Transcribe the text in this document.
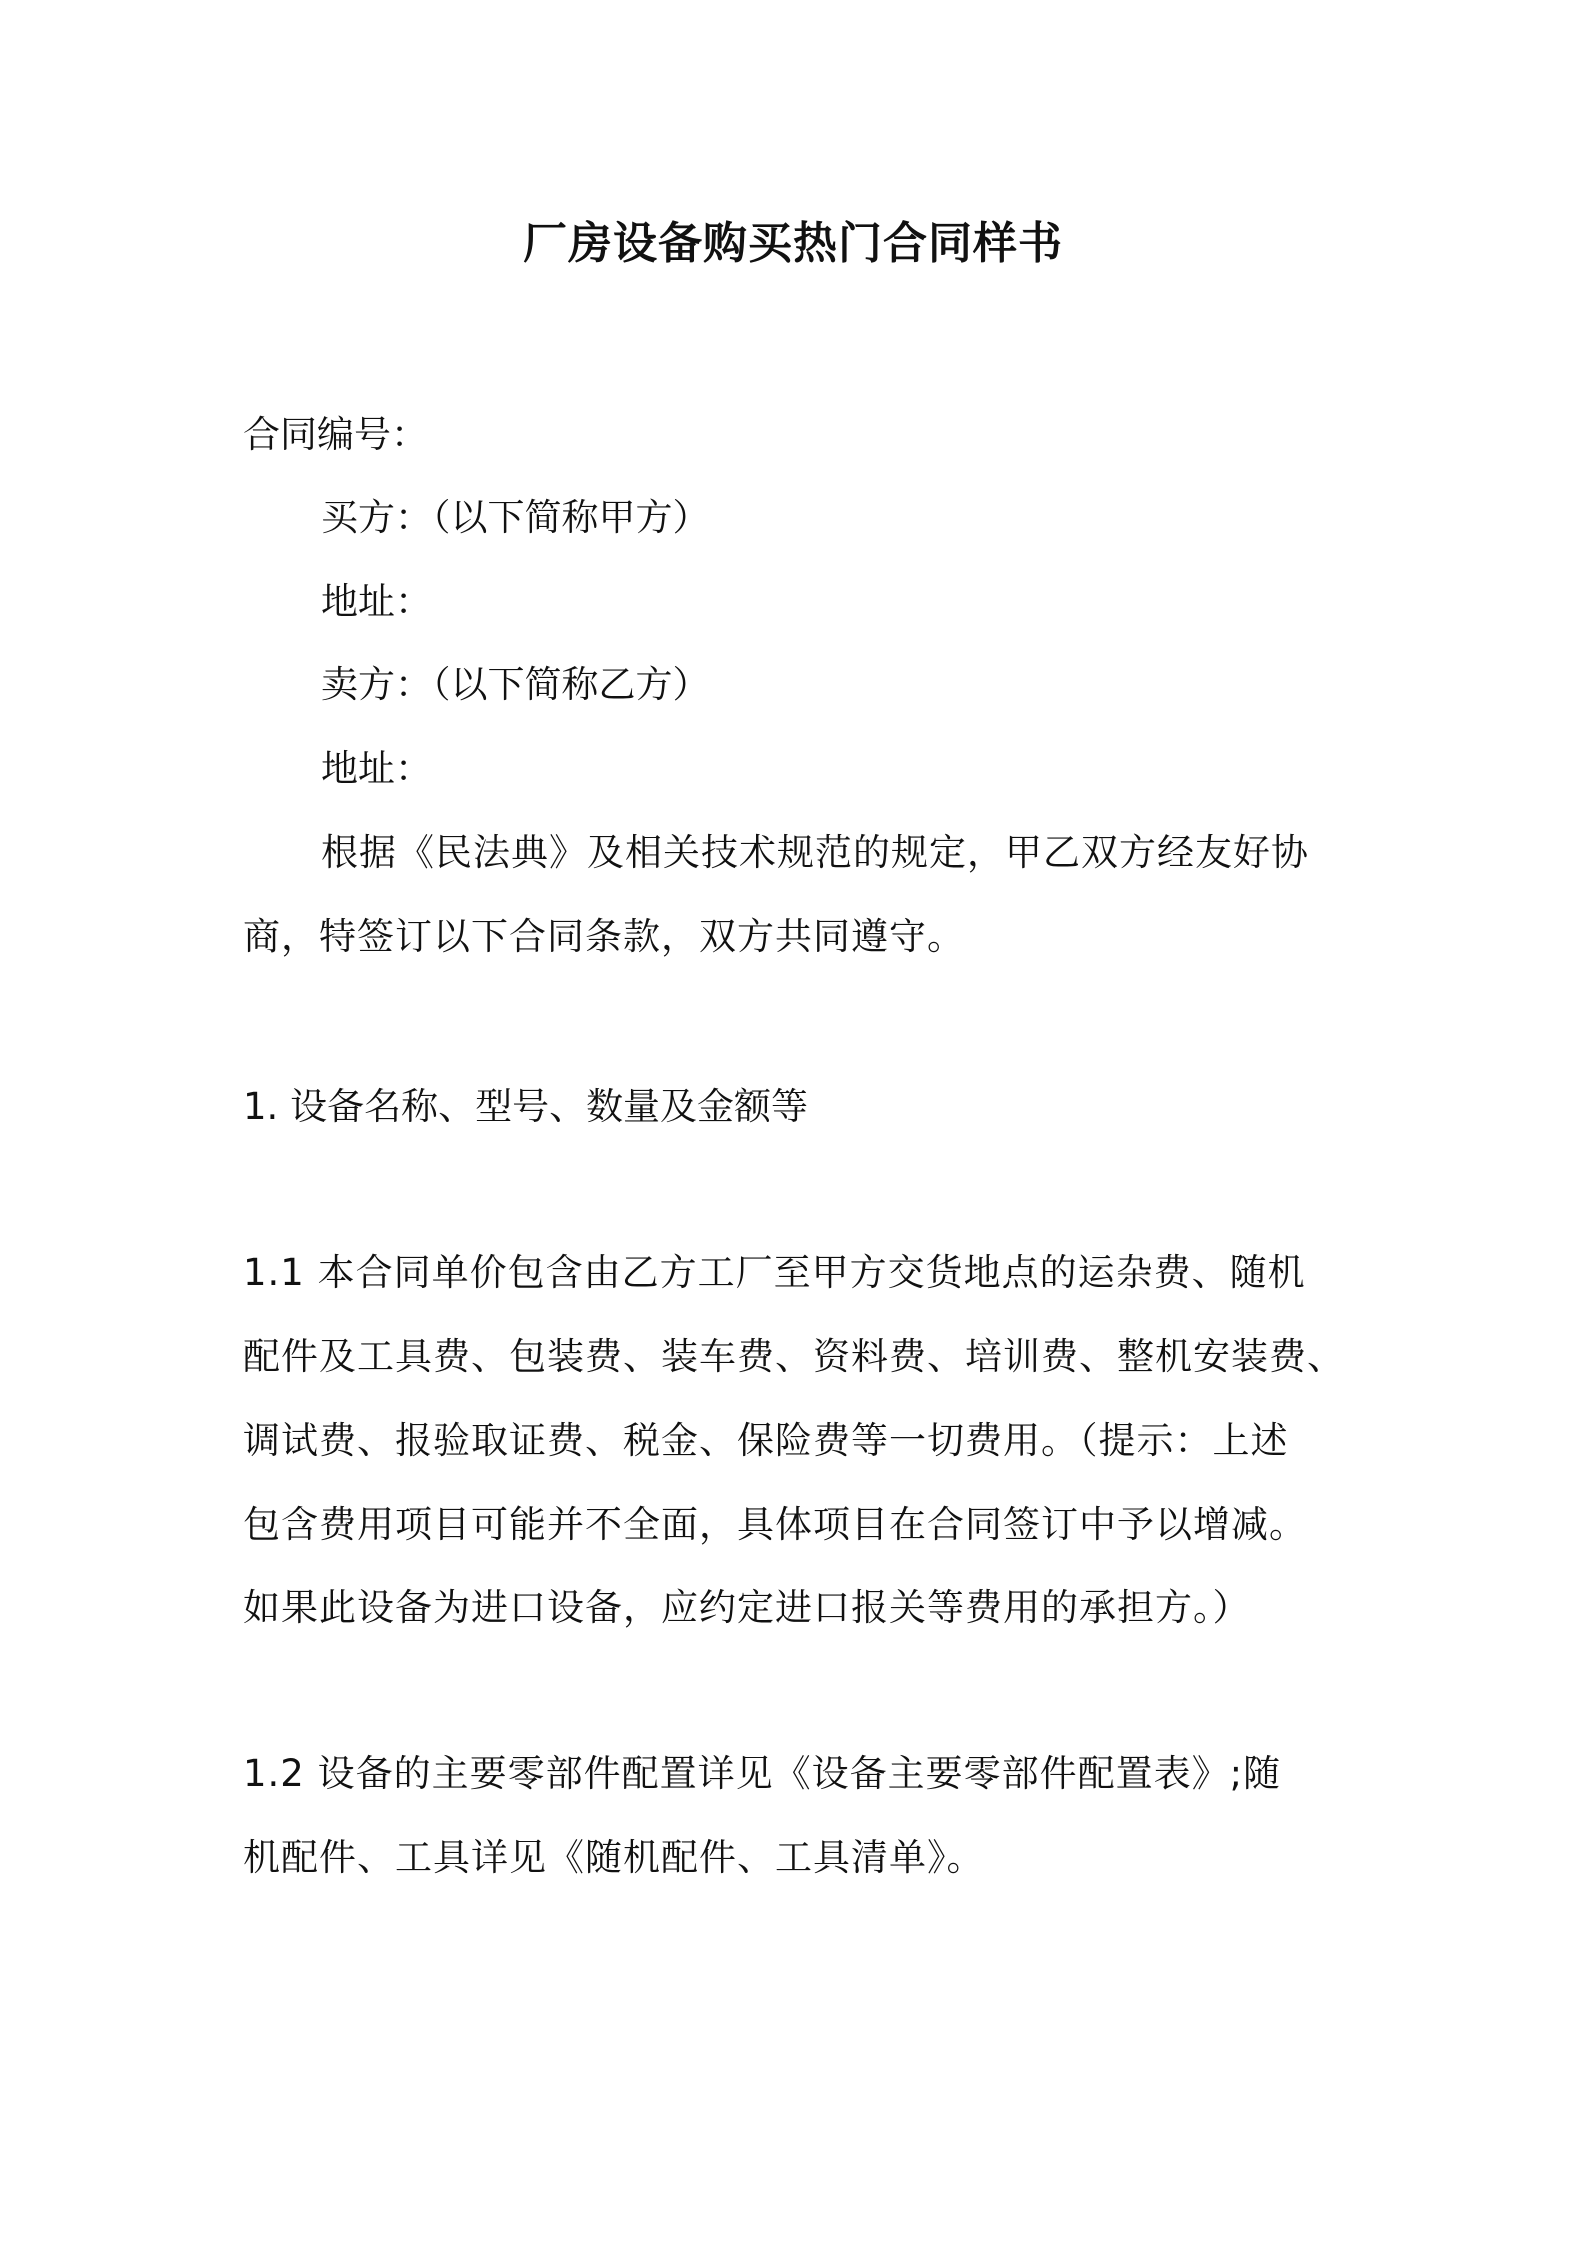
厂房设备购买热门合同样书
合同编号：
买方：（以下简称甲方）
地址：
卖方：（以下简称乙方）
地址：
根据《民法典》及相关技术规范的规定，甲乙双方经友好协
商，特签订以下合同条款，双方共同遵守。
1. 设备名称、型号、数量及金额等
1.1 本合同单价包含由乙方工厂至甲方交货地点的运杂费、随机
配件及工具费、包装费、装车费、资料费、培训费、整机安装费、
调试费、报验取证费、税金、保险费等一切费用。（提示：上述
包含费用项目可能并不全面，具体项目在合同签订中予以增减。
如果此设备为进口设备，应约定进口报关等费用的承担方。）
1.2 设备的主要零部件配置详见《设备主要零部件配置表》;随
机配件、工具详见《随机配件、工具清单》。
